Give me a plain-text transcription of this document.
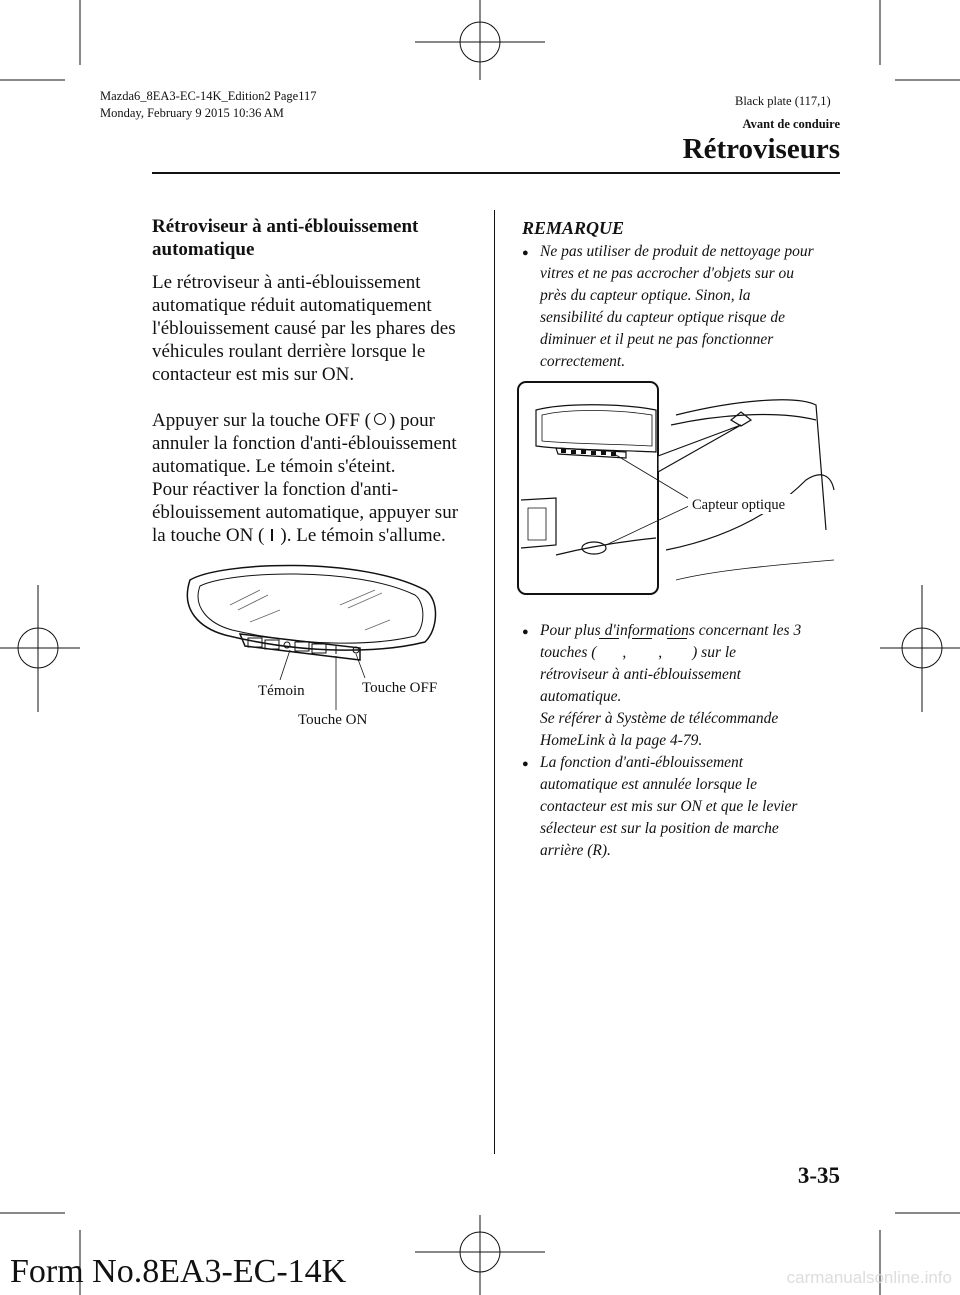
Mazda6_8EA3-EC-14K_Edition2 Page117
Monday, February 9 2015 10:36 AM
Black plate (117,1)
Avant de conduire
Rétroviseurs
Rétroviseur à anti-éblouissement
automatique
Le rétroviseur à anti-éblouissement
automatique réduit automatiquement
l'éblouissement causé par les phares des
véhicules roulant derrière lorsque le
contacteur est mis sur ON.
Appuyer sur la touche OFF ( ) pour
annuler la fonction d'anti-éblouissement
automatique. Le témoin s'éteint.
Pour réactiver la fonction d'anti-
éblouissement automatique, appuyer sur
la touche ON ( ). Le témoin s'allume.
Témoin	Touche OFF
Touche ON
REMARQUE
● Ne pas utiliser de produit de nettoyage pour
vitres et ne pas accrocher d'objets sur ou
près du capteur optique. Sinon, la
sensibilité du capteur optique risque de
diminuer et il peut ne pas fonctionner
correctement.
Capteur optique
● Pour plus d'informations concernant les 3
touches ( , , ) sur le
rétroviseur à anti-éblouissement
automatique.
Se référer à Système de télécommande
HomeLink à la page 4-79.
● La fonction d'anti-éblouissement
automatique est annulée lorsque le
contacteur est mis sur ON et que le levier
sélecteur est sur la position de marche
arrière (R).
3-35
Form No.8EA3-EC-14K	carmanualsonline.info
